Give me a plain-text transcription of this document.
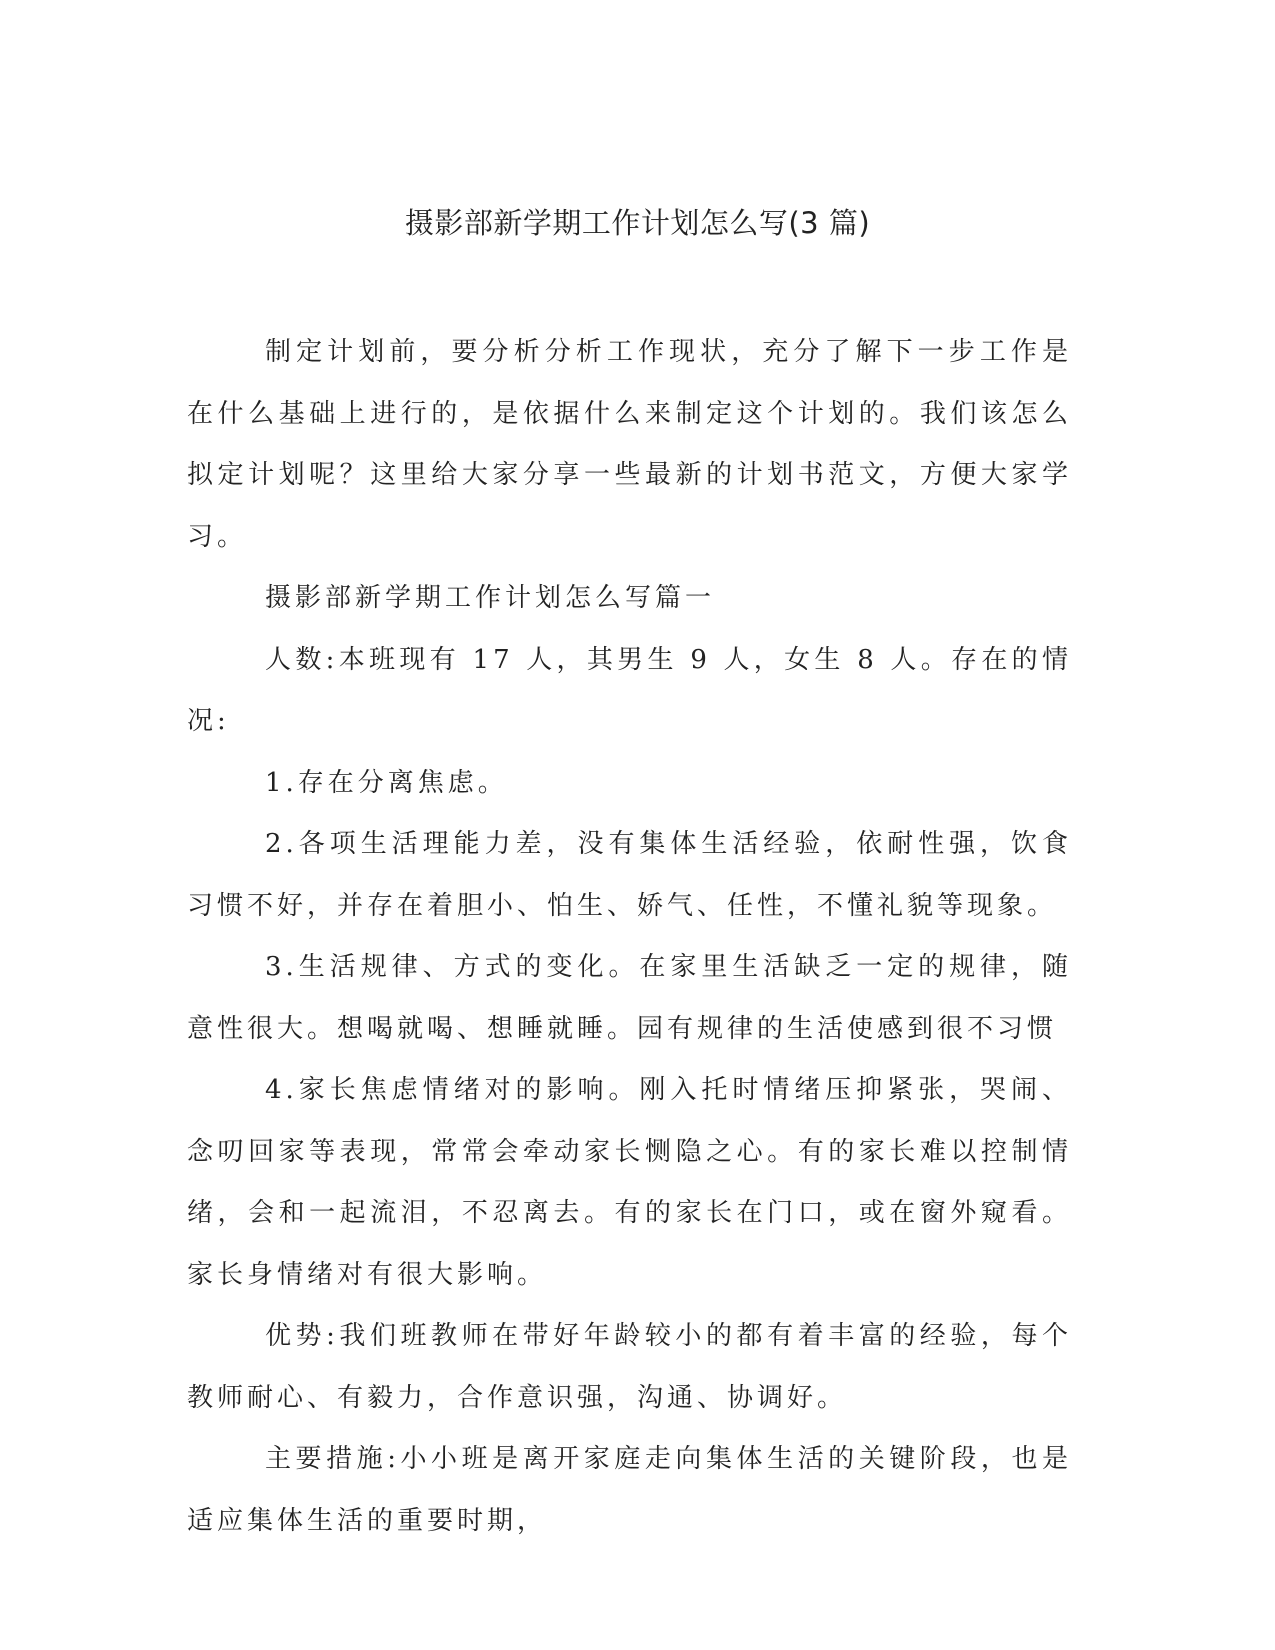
摄影部新学期工作计划怎么写(3 篇)

制定计划前，要分析分析工作现状，充分了解下一步工作是在什么基础上进行的，是依据什么来制定这个计划的。我们该怎么拟定计划呢？这里给大家分享一些最新的计划书范文，方便大家学习。

摄影部新学期工作计划怎么写篇一

人数:本班现有 17 人，其男生 9 人，女生 8 人。存在的情况:

1.存在分离焦虑。

2.各项生活理能力差，没有集体生活经验，依耐性强，饮食习惯不好，并存在着胆小、怕生、娇气、任性，不懂礼貌等现象。

3.生活规律、方式的变化。在家里生活缺乏一定的规律，随意性很大。想喝就喝、想睡就睡。园有规律的生活使感到很不习惯

4.家长焦虑情绪对的影响。刚入托时情绪压抑紧张，哭闹、念叨回家等表现，常常会牵动家长恻隐之心。有的家长难以控制情绪，会和一起流泪，不忍离去。有的家长在门口，或在窗外窥看。家长身情绪对有很大影响。

优势:我们班教师在带好年龄较小的都有着丰富的经验，每个教师耐心、有毅力，合作意识强，沟通、协调好。

主要措施:小小班是离开家庭走向集体生活的关键阶段，也是适应集体生活的重要时期，
